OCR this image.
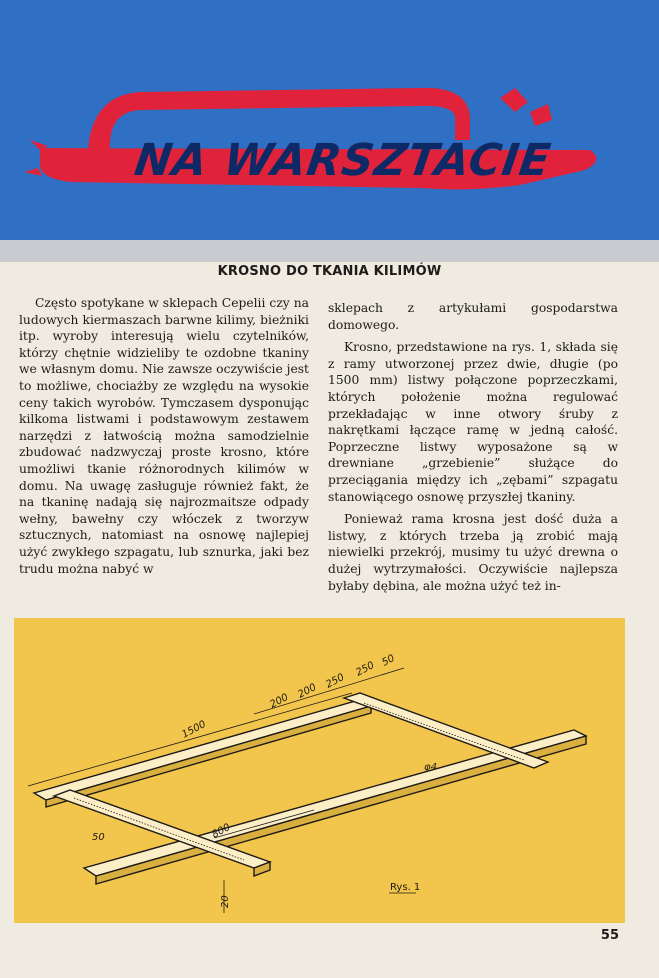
NA WARSZTACIE
KROSNO DO TKANIA KILIMÓW

Często spotykane w sklepach Cepelii czy na ludowych kiermaszach barwne kilimy, bieżniki itp. wyroby interesują wielu czytelników, którzy chętnie widzieliby te ozdobne tkaniny we własnym domu. Nie zawsze oczywiście jest to możliwe, chociażby ze względu na wysokie ceny takich wyrobów. Tymczasem dysponując kilkoma listwami i podstawowym zestawem narzędzi z łatwością można samodzielnie zbudować nadzwyczaj proste krosno, które umożliwi tkanie różnorodnych kilimów w domu. Na uwagę zasługuje również fakt, że na tkaninę nadają się najrozmaitsze odpady wełny, bawełny czy włóczek z tworzyw sztucznych, natomiast na osnowę najlepiej użyć zwykłego szpagatu, lub sznurka, jaki bez trudu można nabyć w

sklepach z artykułami gospodarstwa domowego.

Krosno, przedstawione na rys. 1, składa się z ramy utworzonej przez dwie, długie (po 1500 mm) listwy połączone poprzeczkami, których położenie można regulować przekładając w inne otwory śruby z nakrętkami łączące ramę w jedną całość. Poprzeczne listwy wyposażone są w drewniane „grzebienie” służące do przeciągania między ich „zębami” szpagatu stanowiącego osnowę przyszłej tkaniny.

Ponieważ rama krosna jest dość duża a listwy, z których trzeba ją zrobić mają niewielki przekrój, musimy tu użyć drewna o dużej wytrzymałości. Oczywiście najlepsza byłaby dębina, ale można użyć też in-

1500
800
200
200
250
250 50
50
20
φ4
Rys. 1
55
